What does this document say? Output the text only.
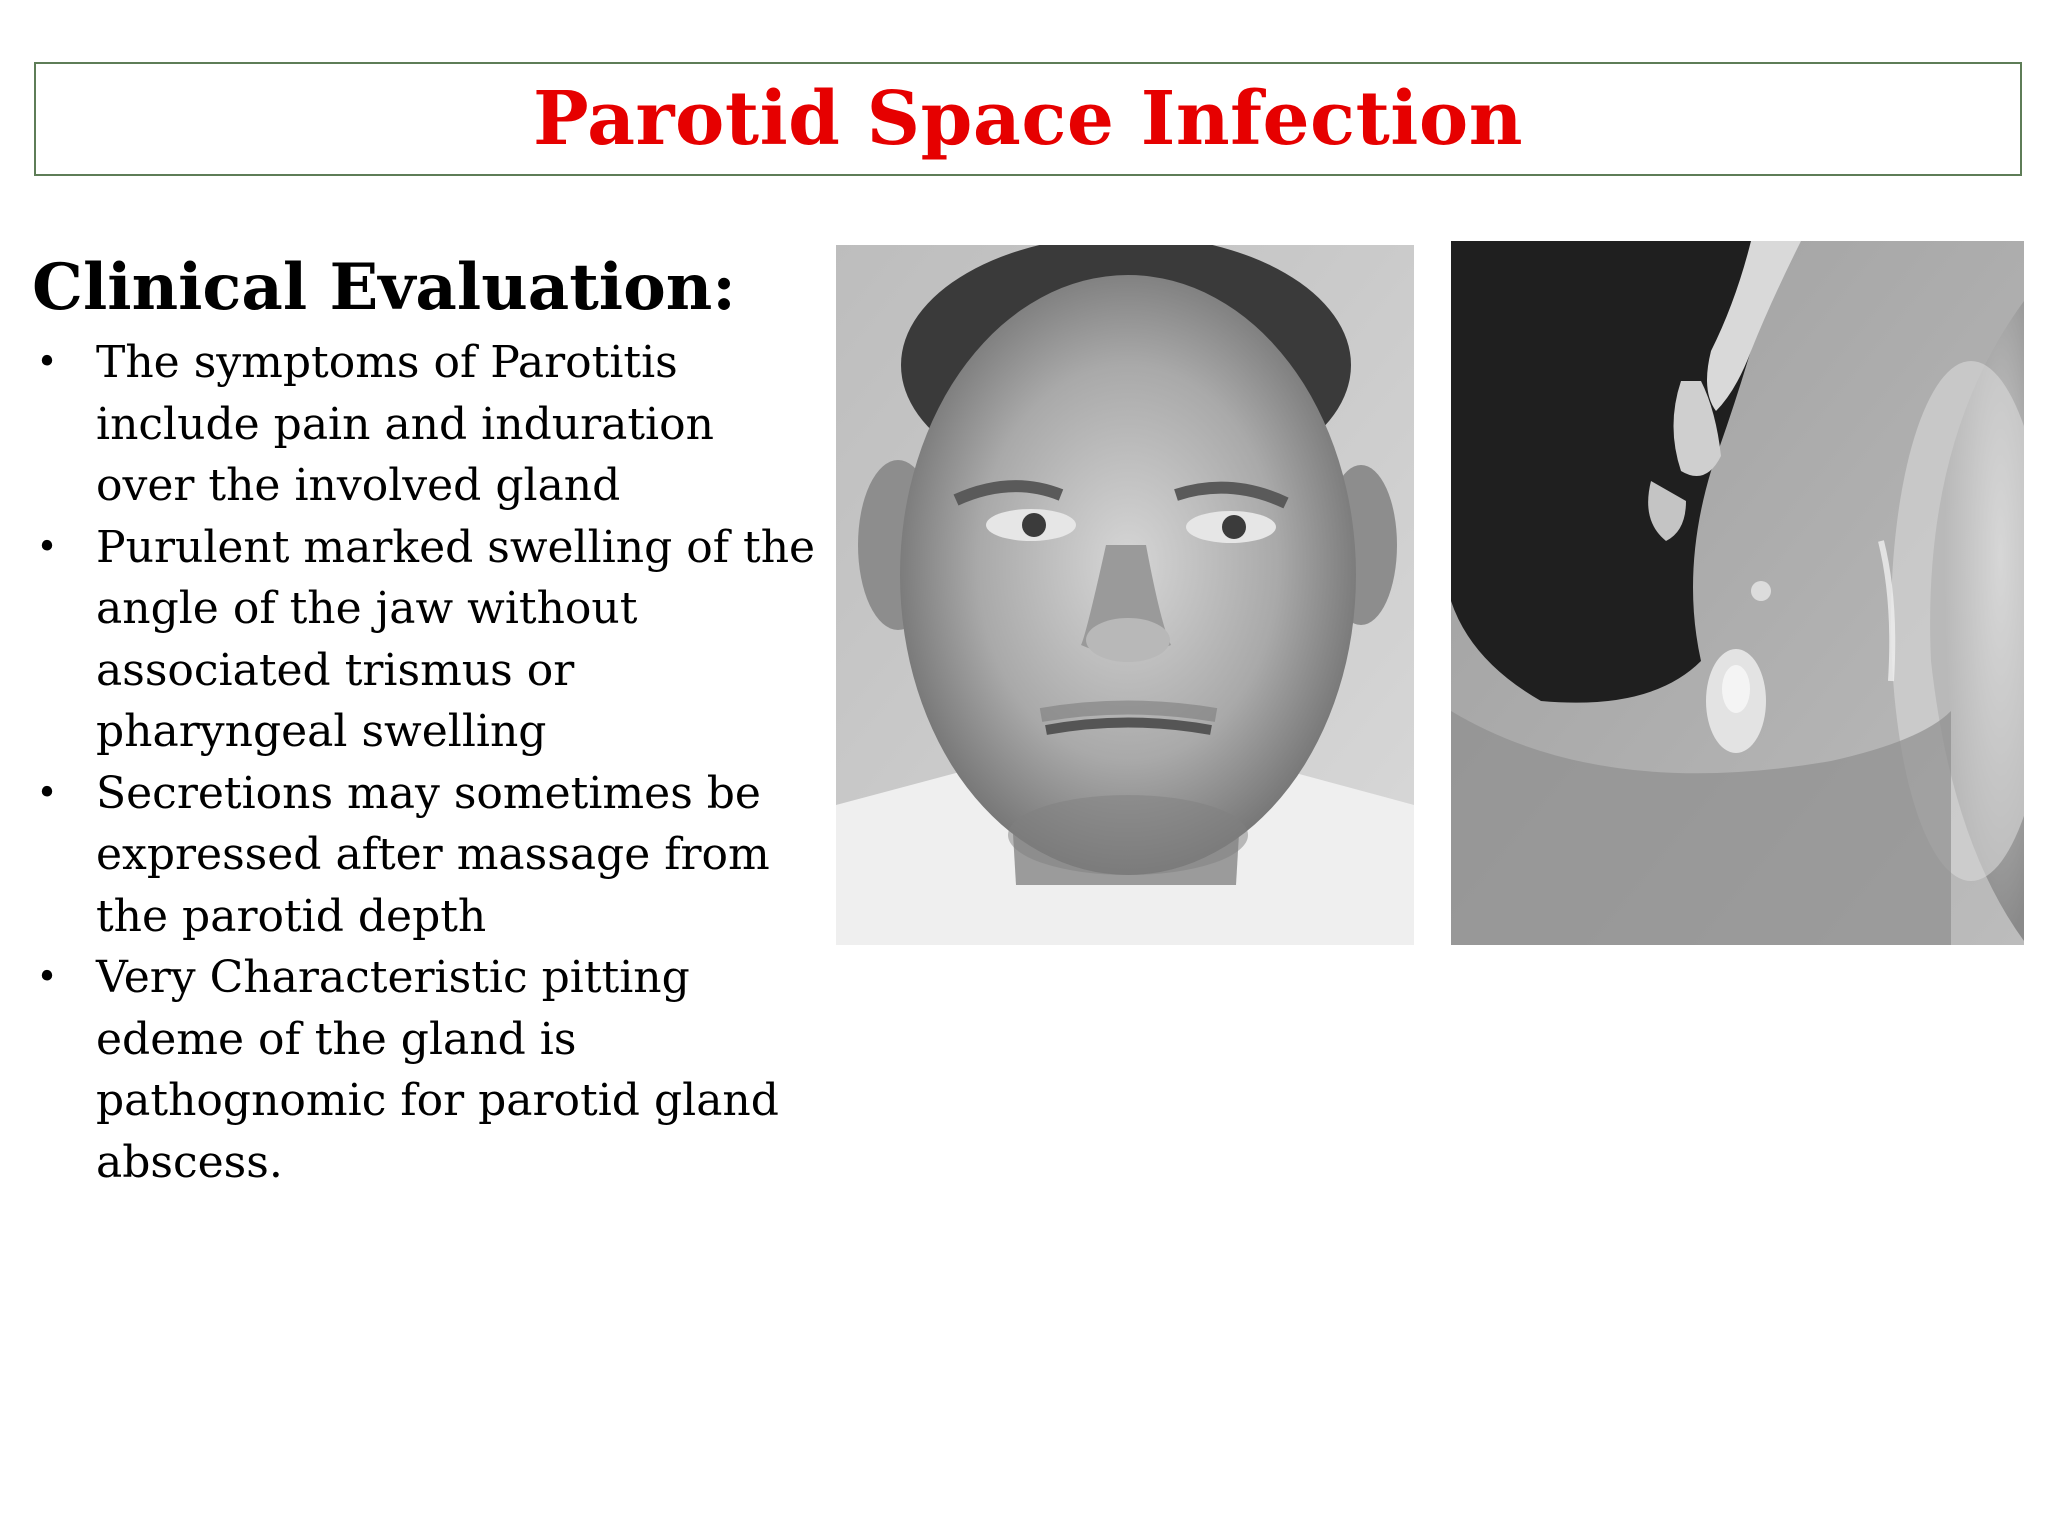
Parotid Space Infection
Clinical Evaluation:
• The symptoms of Parotitis include pain and induration over the involved gland
• Purulent marked swelling of the angle of the jaw without associated trismus or pharyngeal swelling
• Secretions may sometimes be expressed after massage from the parotid depth
• Very Characteristic pitting edeme of the gland is pathognomic for parotid gland abscess.
